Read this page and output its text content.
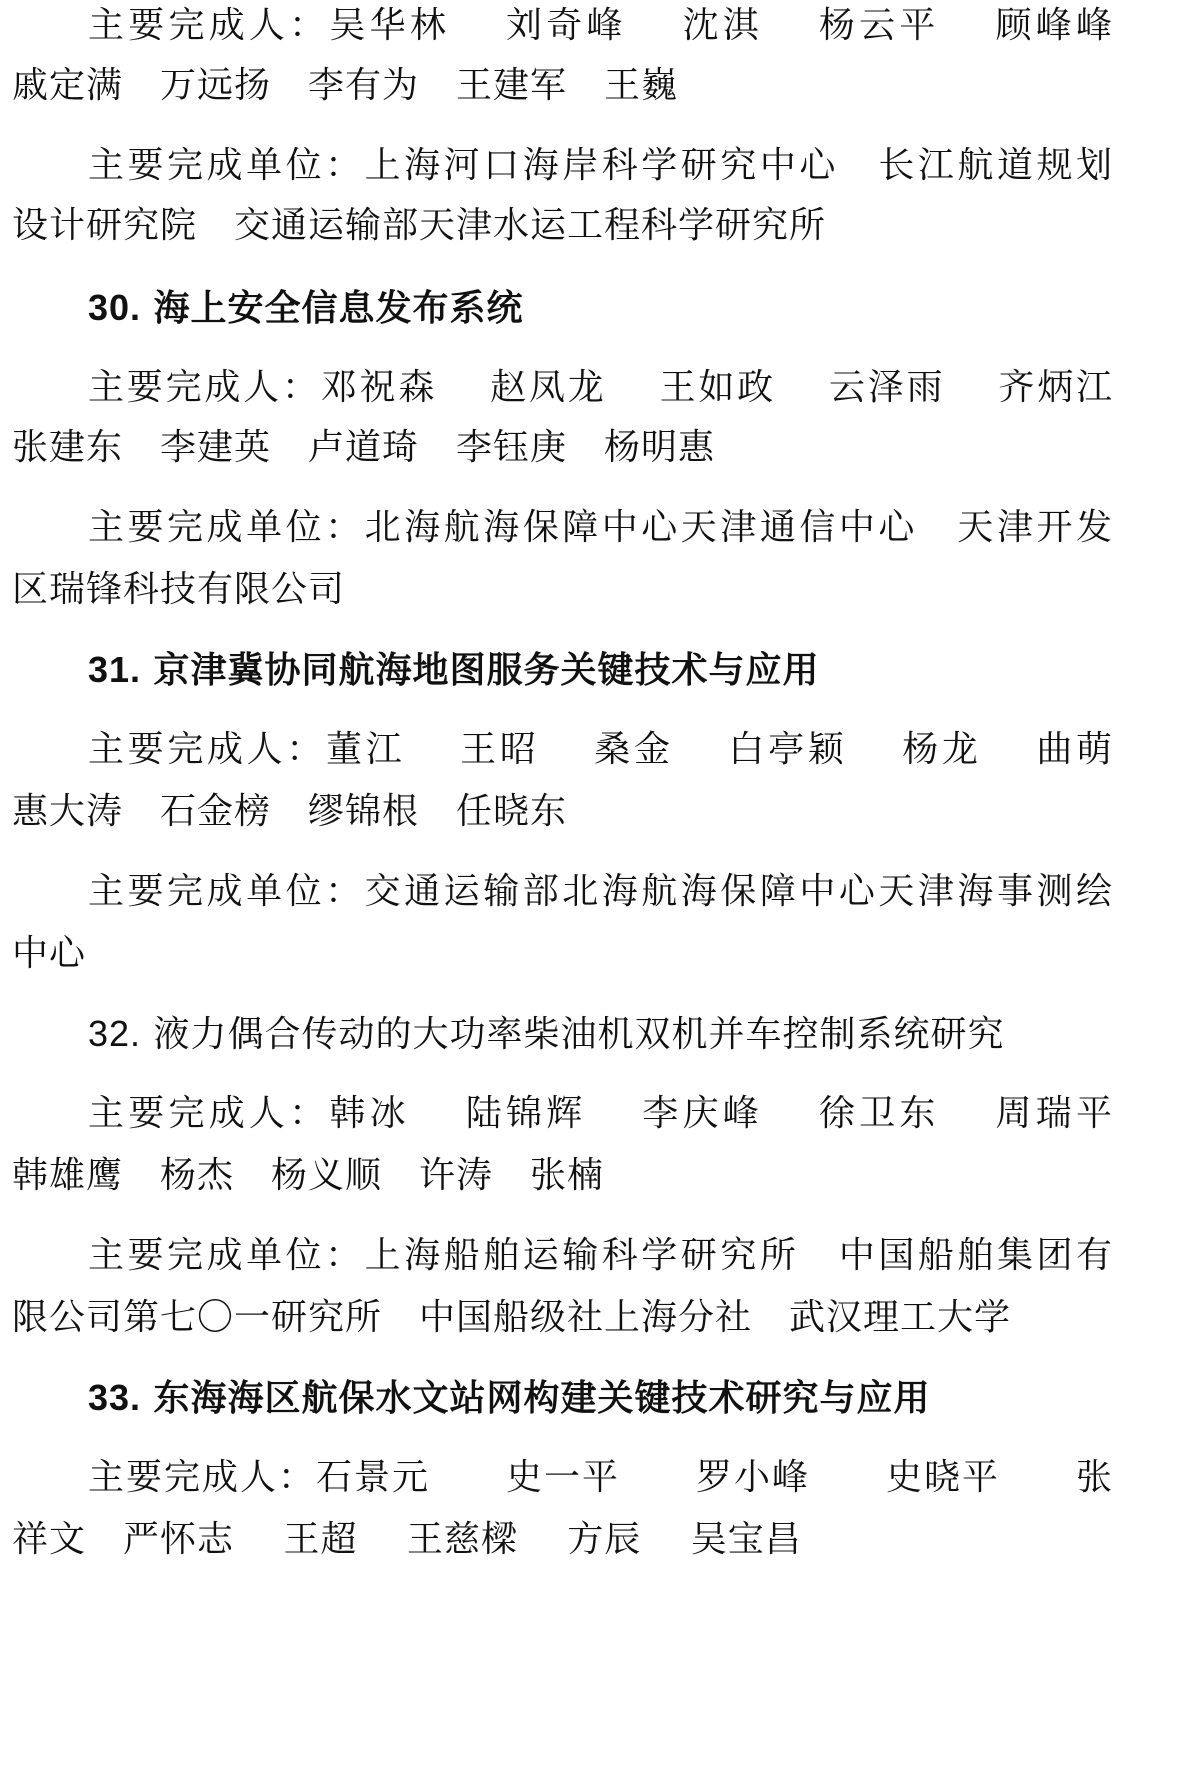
主要完成人：吴华林　 刘奇峰　 沈淇　 杨云平　 顾峰峰
戚定满　万远扬　李有为　王建军　王巍
主要完成单位：上海河口海岸科学研究中心　长江航道规划
设计研究院　交通运输部天津水运工程科学研究所
30. 海上安全信息发布系统
主要完成人：邓祝森　 赵凤龙　 王如政　 云泽雨　 齐炳江
张建东　李建英　卢道琦　李钰庚　杨明惠
主要完成单位：北海航海保障中心天津通信中心　天津开发
区瑞锋科技有限公司
31. 京津冀协同航海地图服务关键技术与应用
主要完成人：董江　 王昭　 桑金　 白亭颖　 杨龙　 曲萌
惠大涛　石金榜　缪锦根　任晓东
主要完成单位：交通运输部北海航海保障中心天津海事测绘
中心
32. 液力偶合传动的大功率柴油机双机并车控制系统研究
主要完成人：韩冰　 陆锦辉　 李庆峰　 徐卫东　 周瑞平
韩雄鹰　杨杰　杨义顺　许涛　张楠
主要完成单位：上海船舶运输科学研究所　中国船舶集团有
限公司第七〇一研究所　中国船级社上海分社　武汉理工大学
33. 东海海区航保水文站网构建关键技术研究与应用
主要完成人：石景元　　史一平　　罗小峰　　史晓平　　张
祥文　严怀志　 王超　 王慈樑　 方辰　 吴宝昌
